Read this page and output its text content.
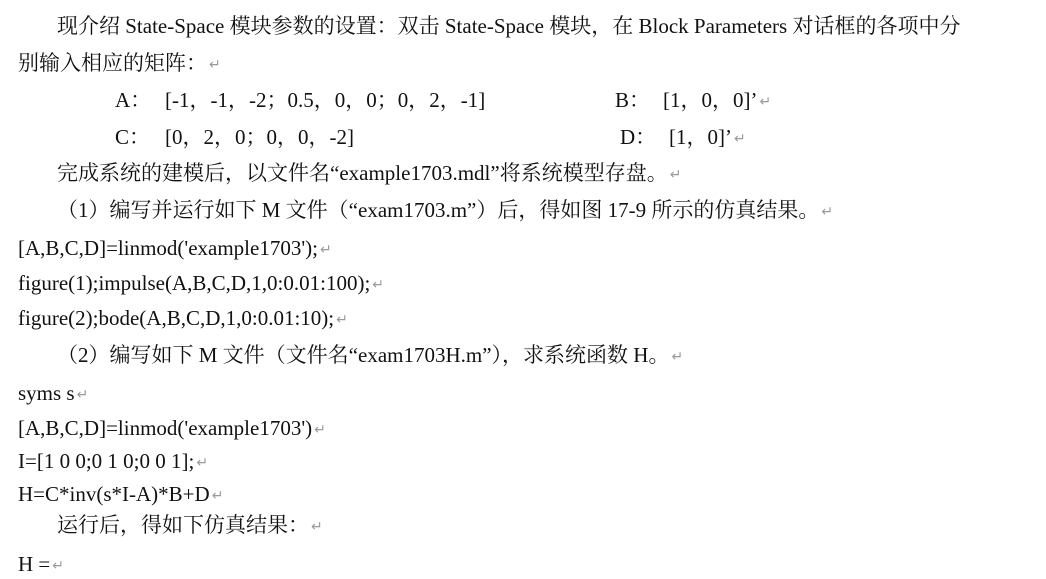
现介绍 State-Space 模块参数的设置：双击 State-Space 模块，在 Block Parameters 对话框的各项中分
别输入相应的矩阵： ↵
A： [-1，-1，-2；0.5，0，0；0，2，-1]	B： [1，0，0]’ ↵
C： [0，2，0；0，0，-2]	D： [1，0]’ ↵
完成系统的建模后，以文件名“example1703.mdl”将系统模型存盘。 ↵
（1）编写并运行如下 M 文件（“exam1703.m”）后，得如图 17-9 所示的仿真结果。 ↵
[A,B,C,D]=linmod('example1703'); ↵
figure(1);impulse(A,B,C,D,1,0:0.01:100); ↵
figure(2);bode(A,B,C,D,1,0:0.01:10); ↵
（2）编写如下 M 文件（文件名“exam1703H.m”），求系统函数 H。 ↵
syms s ↵
[A,B,C,D]=linmod('example1703') ↵
I=[1 0 0;0 1 0;0 0 1]; ↵
H=C*inv(s*I-A)*B+D ↵
运行后，得如下仿真结果： ↵
H = ↵
